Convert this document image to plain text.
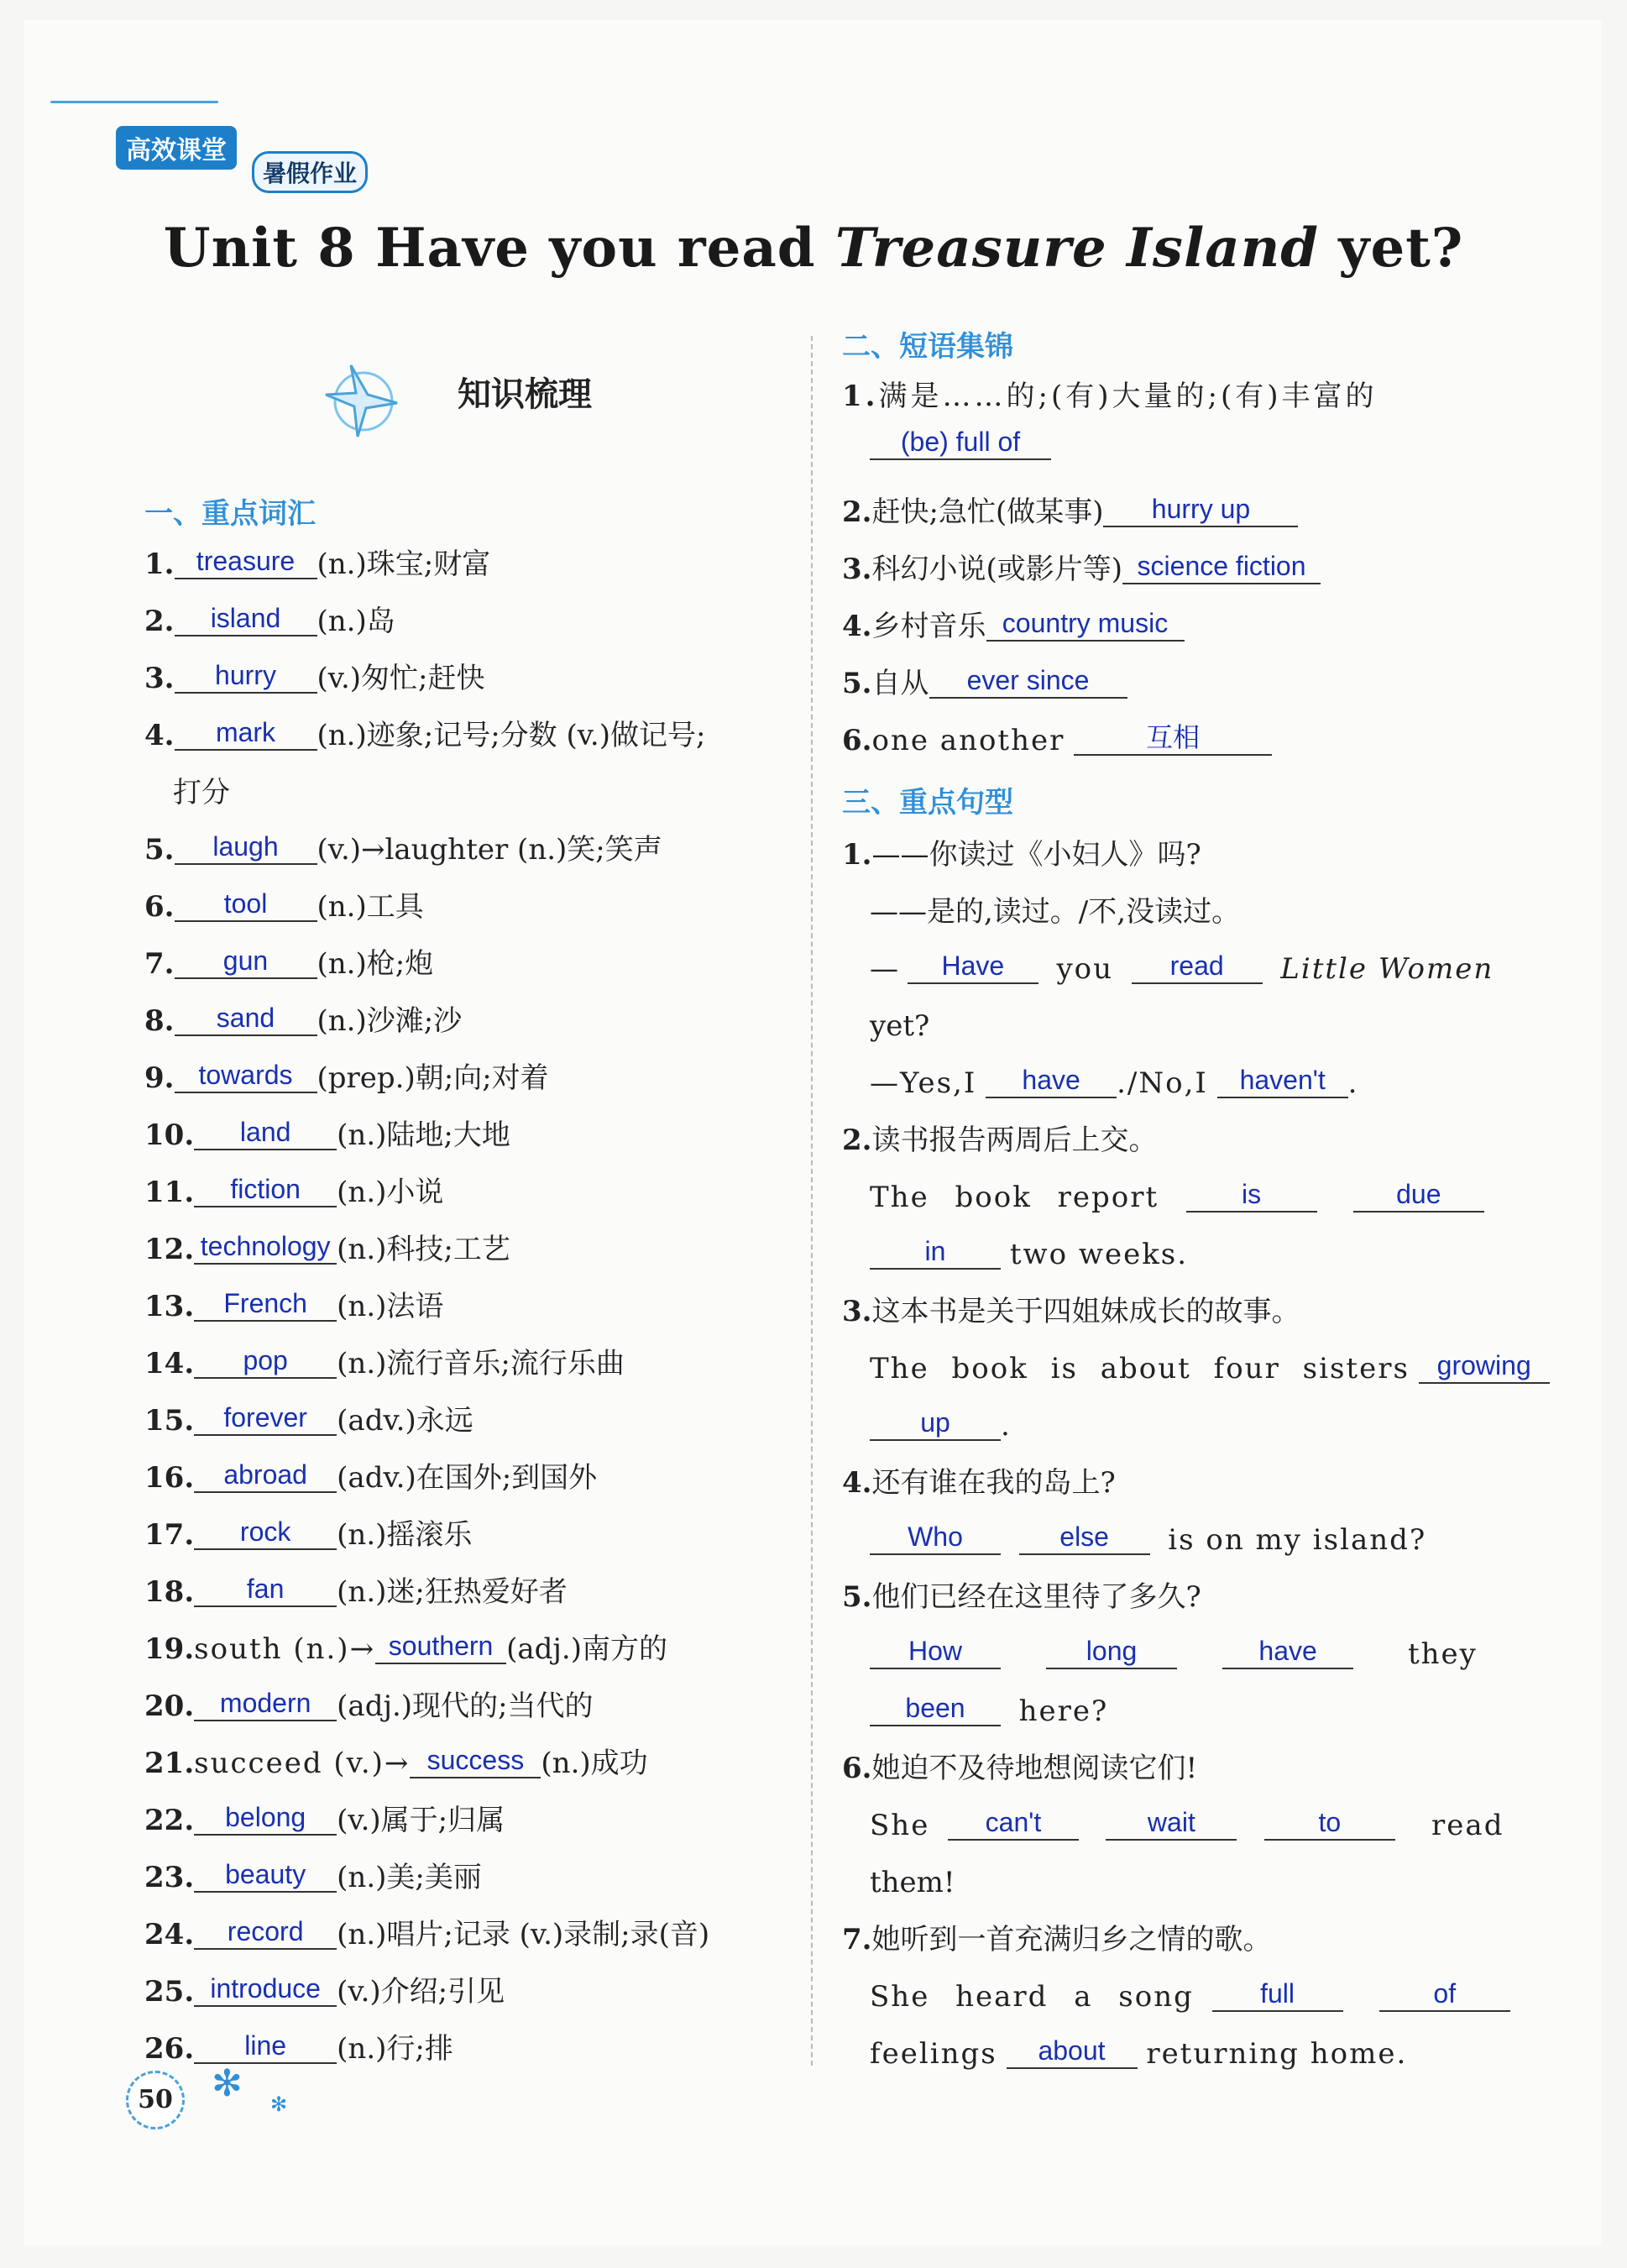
高效课堂
暑假作业
Unit 8 Have you read Treasure Island yet?
知识梳理
一、重点词汇
1. treasure (n.)珠宝;财富
2. island (n.)岛
3. hurry (v.)匆忙;赶快
4. mark (n.)迹象;记号;分数 (v.)做记号;
打分
5. laugh (v.)→laughter (n.)笑;笑声
6. tool (n.)工具
7. gun (n.)枪;炮
8. sand (n.)沙滩;沙
9. towards (prep.)朝;向;对着
10. land (n.)陆地;大地
11. fiction (n.)小说
12. technology (n.)科技;工艺
13. French (n.)法语
14. pop (n.)流行音乐;流行乐曲
15. forever (adv.)永远
16. abroad (adv.)在国外;到国外
17. rock (n.)摇滚乐
18. fan (n.)迷;狂热爱好者
19.south (n.)→ southern (adj.)南方的
20. modern (adj.)现代的;当代的
21.succeed (v.)→ success (n.)成功
22. belong (v.)属于;归属
23. beauty (n.)美;美丽
24. record (n.)唱片;记录 (v.)录制;录(音)
25. introduce (v.)介绍;引见
26. line (n.)行;排
二、短语集锦
1.满是……的;(有)大量的;(有)丰富的
(be) full of
2.赶快;急忙(做某事) hurry up
3.科幻小说(或影片等) science fiction
4.乡村音乐 country music
5.自从 ever since
6.one another	互相
三、重点句型
1.——你读过《小妇人》吗?
——是的,读过。/不,没读过。
— Have you read Little Women
yet?
—Yes,I have ./No,I haven't .
2.读书报告两周后上交。
The book report	is	due
in two weeks.
3.这本书是关于四姐妹成长的故事。
The book is about four sisters growing
up .
4.还有谁在我的岛上?
Who	else is on my island?
5.他们已经在这里待了多久?
How	long	have	they
been here?
6.她迫不及待地想阅读它们!
She can't	wait	to	read
them!
7.她听到一首充满归乡之情的歌。
She heard a song full	of
feelings about returning home.
50	✻ ✻
